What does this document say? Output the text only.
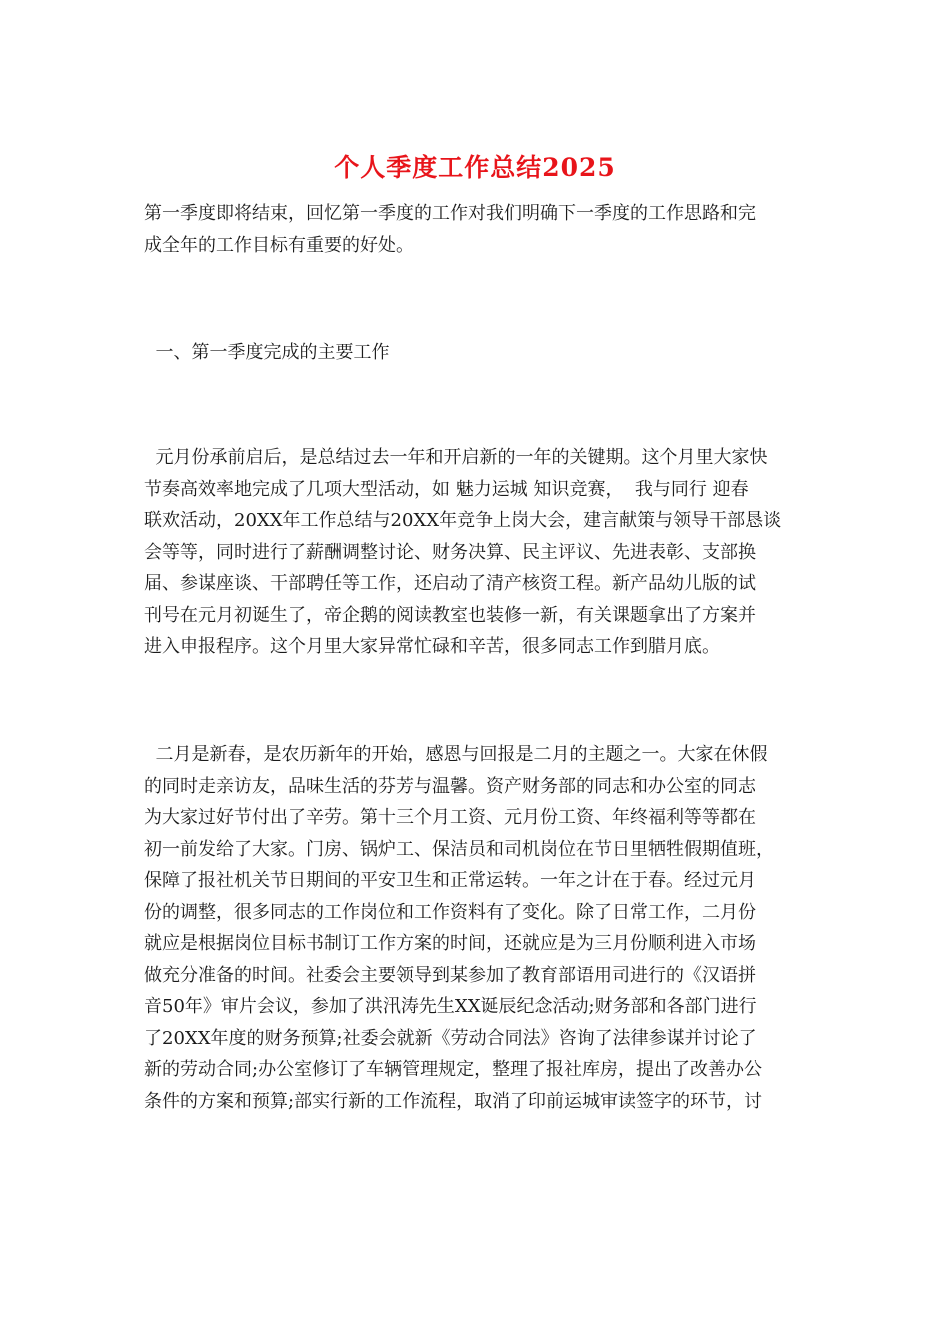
个人季度工作总结2025
第一季度即将结束，回忆第一季度的工作对我们明确下一季度的工作思路和完
成全年的工作目标有重要的好处。
一、第一季度完成的主要工作
元月份承前启后，是总结过去一年和开启新的一年的关键期。这个月里大家快
节奏高效率地完成了几项大型活动，如 魅力运城 知识竞赛，  我与同行 迎春
联欢活动，20XX年工作总结与20XX年竞争上岗大会，建言献策与领导干部恳谈
会等等，同时进行了薪酬调整讨论、财务决算、民主评议、先进表彰、支部换
届、参谋座谈、干部聘任等工作，还启动了清产核资工程。新产品幼儿版的试
刊号在元月初诞生了，帝企鹅的阅读教室也装修一新，有关课题拿出了方案并
进入申报程序。这个月里大家异常忙碌和辛苦，很多同志工作到腊月底。
二月是新春，是农历新年的开始，感恩与回报是二月的主题之一。大家在休假
的同时走亲访友，品味生活的芬芳与温馨。资产财务部的同志和办公室的同志
为大家过好节付出了辛劳。第十三个月工资、元月份工资、年终福利等等都在
初一前发给了大家。门房、锅炉工、保洁员和司机岗位在节日里牺牲假期值班，
保障了报社机关节日期间的平安卫生和正常运转。一年之计在于春。经过元月
份的调整，很多同志的工作岗位和工作资料有了变化。除了日常工作，二月份
就应是根据岗位目标书制订工作方案的时间，还就应是为三月份顺利进入市场
做充分准备的时间。社委会主要领导到某参加了教育部语用司进行的《汉语拼
音50年》审片会议，参加了洪汛涛先生XX诞辰纪念活动;财务部和各部门进行
了20XX年度的财务预算;社委会就新《劳动合同法》咨询了法律参谋并讨论了
新的劳动合同;办公室修订了车辆管理规定，整理了报社库房，提出了改善办公
条件的方案和预算;部实行新的工作流程，取消了印前运城审读签字的环节，讨
